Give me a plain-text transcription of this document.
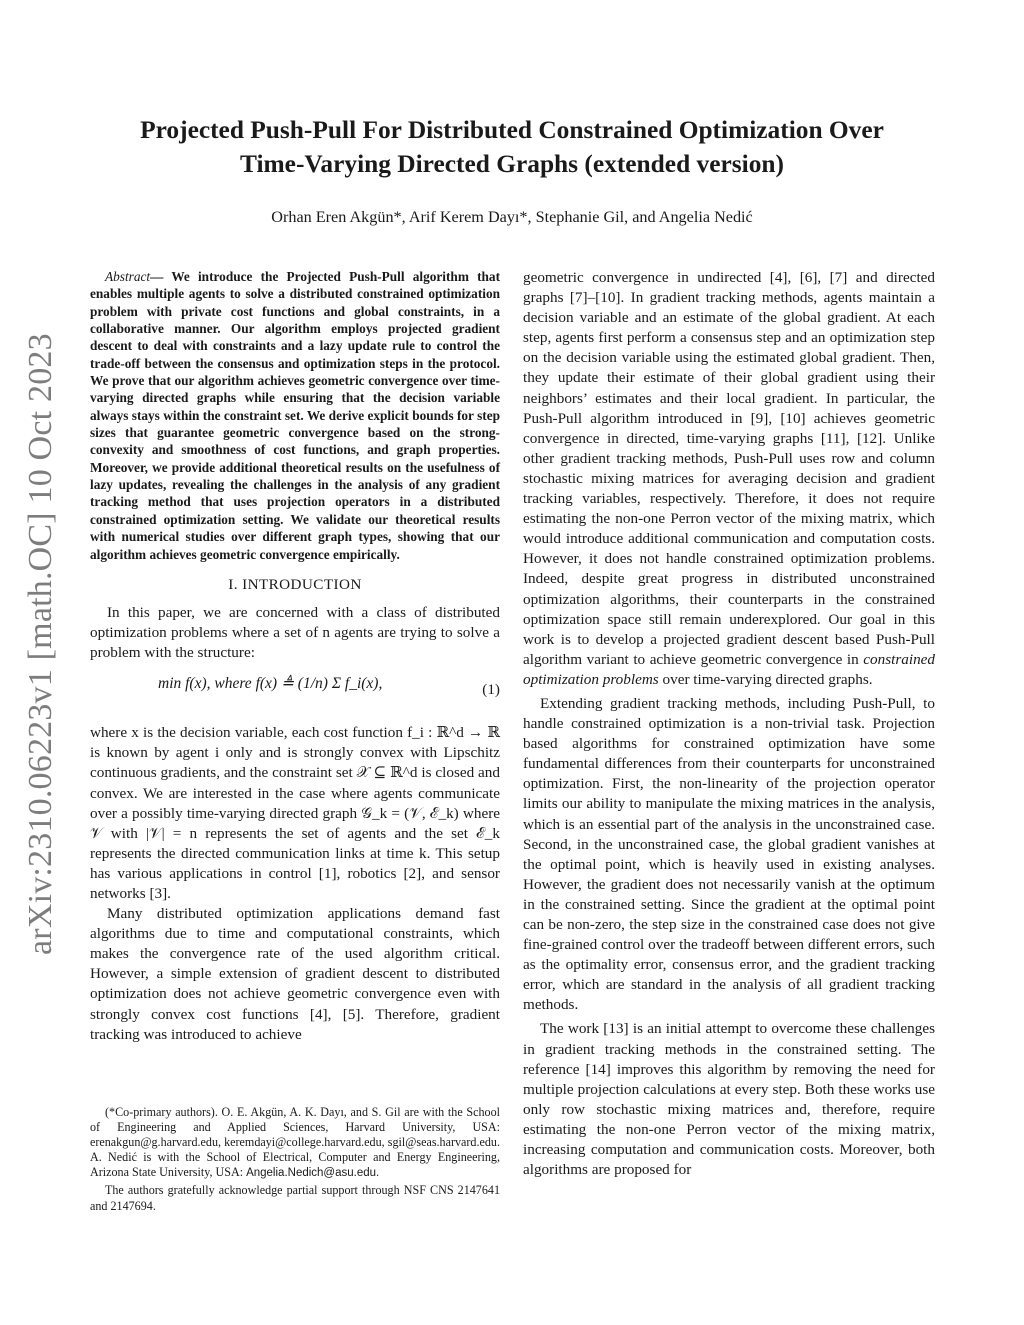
Projected Push-Pull For Distributed Constrained Optimization Over
Time-Varying Directed Graphs (extended version)
Orhan Eren Akgün*, Arif Kerem Dayı*, Stephanie Gil, and Angelia Nedić
arXiv:2310.06223v1 [math.OC] 10 Oct 2023

Abstract— We introduce the Projected Push-Pull algorithm that enables multiple agents to solve a distributed constrained optimization problem with private cost functions and global constraints, in a collaborative manner. Our algorithm employs projected gradient descent to deal with constraints and a lazy update rule to control the trade-off between the consensus and optimization steps in the protocol. We prove that our algorithm achieves geometric convergence over time-varying directed graphs while ensuring that the decision variable always stays within the constraint set. We derive explicit bounds for step sizes that guarantee geometric convergence based on the strong-convexity and smoothness of cost functions, and graph properties. Moreover, we provide additional theoretical results on the usefulness of lazy updates, revealing the challenges in the analysis of any gradient tracking method that uses projection operators in a distributed constrained optimization setting. We validate our theoretical results with numerical studies over different graph types, showing that our algorithm achieves geometric convergence empirically.

I. INTRODUCTION

In this paper, we are concerned with a class of distributed optimization problems where a set of n agents are trying to solve a problem with the structure:

min f(x), where f(x) ≜ (1/n) Σ f_i(x),	(1)

where x is the decision variable, each cost function f_i : ℝ^d → ℝ is known by agent i only and is strongly convex with Lipschitz continuous gradients, and the constraint set 𝒳 ⊆ ℝ^d is closed and convex. We are interested in the case where agents communicate over a possibly time-varying directed graph 𝒢_k = (𝒱, ℰ_k) where 𝒱 with |𝒱| = n represents the set of agents and the set ℰ_k represents the directed communication links at time k. This setup has various applications in control [1], robotics [2], and sensor networks [3].

Many distributed optimization applications demand fast algorithms due to time and computational constraints, which makes the convergence rate of the used algorithm critical. However, a simple extension of gradient descent to distributed optimization does not achieve geometric convergence even with strongly convex cost functions [4], [5]. Therefore, gradient tracking was introduced to achieve

geometric convergence in undirected [4], [6], [7] and directed graphs [7]–[10]. In gradient tracking methods, agents maintain a decision variable and an estimate of the global gradient. At each step, agents first perform a consensus step and an optimization step on the decision variable using the estimated global gradient. Then, they update their estimate of their global gradient using their neighbors’ estimates and their local gradient. In particular, the Push-Pull algorithm introduced in [9], [10] achieves geometric convergence in directed, time-varying graphs [11], [12]. Unlike other gradient tracking methods, Push-Pull uses row and column stochastic mixing matrices for averaging decision and gradient tracking variables, respectively. Therefore, it does not require estimating the non-one Perron vector of the mixing matrix, which would introduce additional communication and computation costs. However, it does not handle constrained optimization problems. Indeed, despite great progress in distributed unconstrained optimization algorithms, their counterparts in the constrained optimization space still remain underexplored. Our goal in this work is to develop a projected gradient descent based Push-Pull algorithm variant to achieve geometric convergence in constrained optimization problems over time-varying directed graphs.

Extending gradient tracking methods, including Push-Pull, to handle constrained optimization is a non-trivial task. Projection based algorithms for constrained optimization have some fundamental differences from their counterparts for unconstrained optimization. First, the non-linearity of the projection operator limits our ability to manipulate the mixing matrices in the analysis, which is an essential part of the analysis in the unconstrained case. Second, in the unconstrained case, the global gradient vanishes at the optimal point, which is heavily used in existing analyses. However, the gradient does not necessarily vanish at the optimum in the constrained setting. Since the gradient at the optimal point can be non-zero, the step size in the constrained case does not give fine-grained control over the tradeoff between different errors, such as the optimality error, consensus error, and the gradient tracking error, which are standard in the analysis of all gradient tracking methods.

The work [13] is an initial attempt to overcome these challenges in gradient tracking methods in the constrained setting. The reference [14] improves this algorithm by removing the need for multiple projection calculations at every step. Both these works use only row stochastic mixing matrices and, therefore, require estimating the non-one Perron vector of the mixing matrix, increasing computation and communication costs. Moreover, both algorithms are proposed for

(*Co-primary authors). O. E. Akgün, A. K. Dayı, and S. Gil are with the School of Engineering and Applied Sciences, Harvard University, USA: erenakgun@g.harvard.edu, keremdayi@college.harvard.edu, sgil@seas.harvard.edu. A. Nedić is with the School of Electrical, Computer and Energy Engineering, Arizona State University, USA: Angelia.Nedich@asu.edu.

The authors gratefully acknowledge partial support through NSF CNS 2147641 and 2147694.
